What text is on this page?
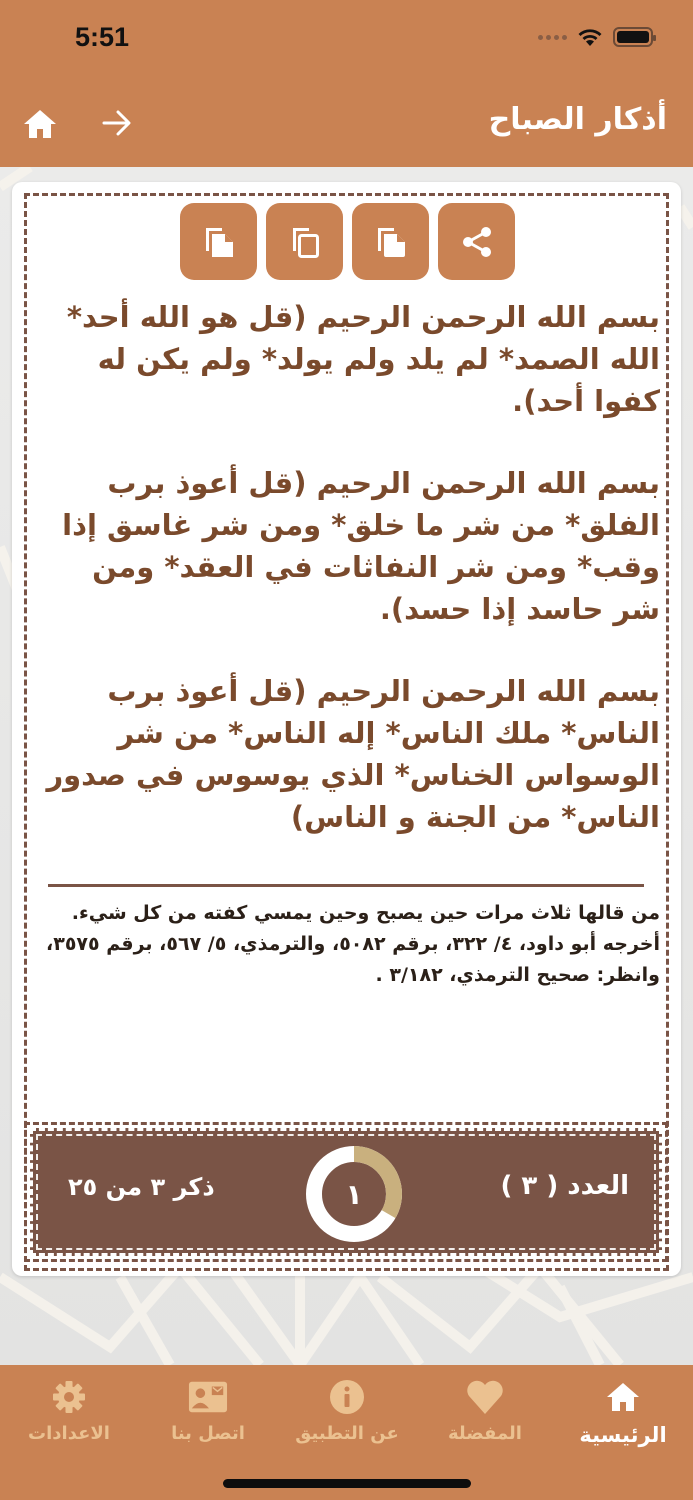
5:51
أذكار الصباح

بسم الله الرحمن الرحيم (قل هو الله أحد* الله الصمد* لم يلد ولم يولد* ولم يكن له كفوا أحد).

بسم الله الرحمن الرحيم (قل أعوذ برب الفلق* من شر ما خلق* ومن شر غاسق إذا وقب* ومن شر النفاثات في العقد* ومن شر حاسد إذا حسد).

بسم الله الرحمن الرحيم (قل أعوذ برب الناس* ملك الناس* إله الناس* من شر الوسواس الخناس* الذي يوسوس في صدور الناس* من الجنة و الناس)

من قالها ثلاث مرات حين يصبح وحين يمسي كفته من كل شيء. أخرجه أبو داود، ٤/ ٣٢٢، برقم ٥٠٨٢، والترمذي، ٥/ ٥٦٧، برقم ٣٥٧٥، وانظر: صحيح الترمذي، ٣/١٨٢ .
العدد ( ٣ )
١
ذكر ٣ من ٢٥
الرئيسية
المفضلة
عن التطبيق
اتصل بنا
الاعدادات
